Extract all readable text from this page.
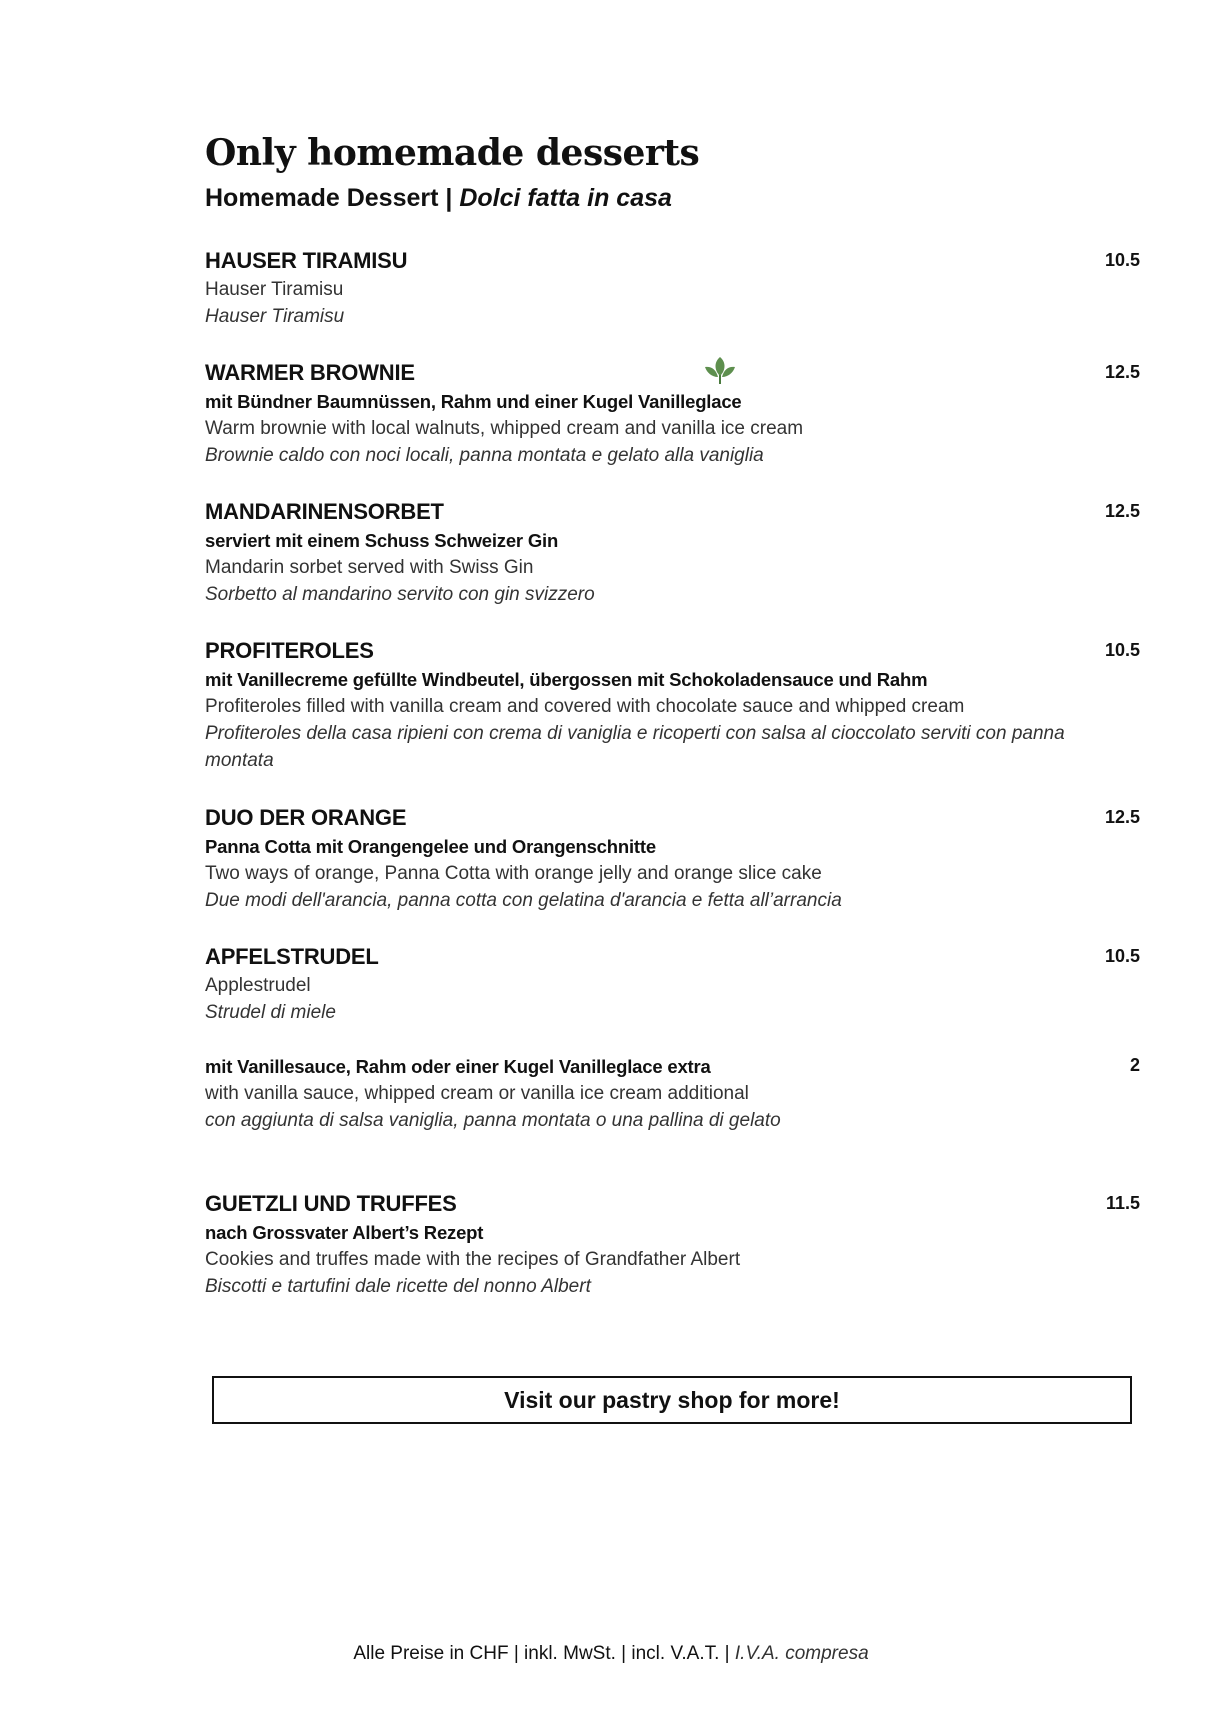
Only homemade desserts
Homemade Dessert | Dolci fatta in casa
HAUSER TIRAMISU	10.5
Hauser Tiramisu
Hauser Tiramisu
WARMER BROWNIE	12.5
mit Bündner Baumnüssen, Rahm und einer Kugel Vanilleglace
Warm brownie with local walnuts, whipped cream and vanilla ice cream
Brownie caldo con noci locali, panna montata e gelato alla vaniglia
MANDARINENSORBET	12.5
serviert mit einem Schuss Schweizer Gin
Mandarin sorbet served with Swiss Gin
Sorbetto al mandarino servito con gin svizzero
PROFITEROLES	10.5
mit Vanillecreme gefüllte Windbeutel, übergossen mit Schokoladensauce und Rahm
Profiteroles filled with vanilla cream and covered with chocolate sauce and whipped cream
Profiteroles della casa ripieni con crema di vaniglia e ricoperti con salsa al cioccolato serviti con panna
montata
DUO DER ORANGE	12.5
Panna Cotta mit Orangengelee und Orangenschnitte
Two ways of orange, Panna Cotta with orange jelly and orange slice cake
Due modi dell'arancia, panna cotta con gelatina d'arancia e fetta all’arrancia
APFELSTRUDEL	10.5
Applestrudel
Strudel di miele
mit Vanillesauce, Rahm oder einer Kugel Vanilleglace extra	2
with vanilla sauce, whipped cream or vanilla ice cream additional
con aggiunta di salsa vaniglia, panna montata o una pallina di gelato
GUETZLI UND TRUFFES	11.5
nach Grossvater Albert’s Rezept
Cookies and truffes made with the recipes of Grandfather Albert
Biscotti e tartufini dale ricette del nonno Albert
Visit our pastry shop for more!
Alle Preise in CHF | inkl. MwSt. | incl. V.A.T. | I.V.A. compresa
